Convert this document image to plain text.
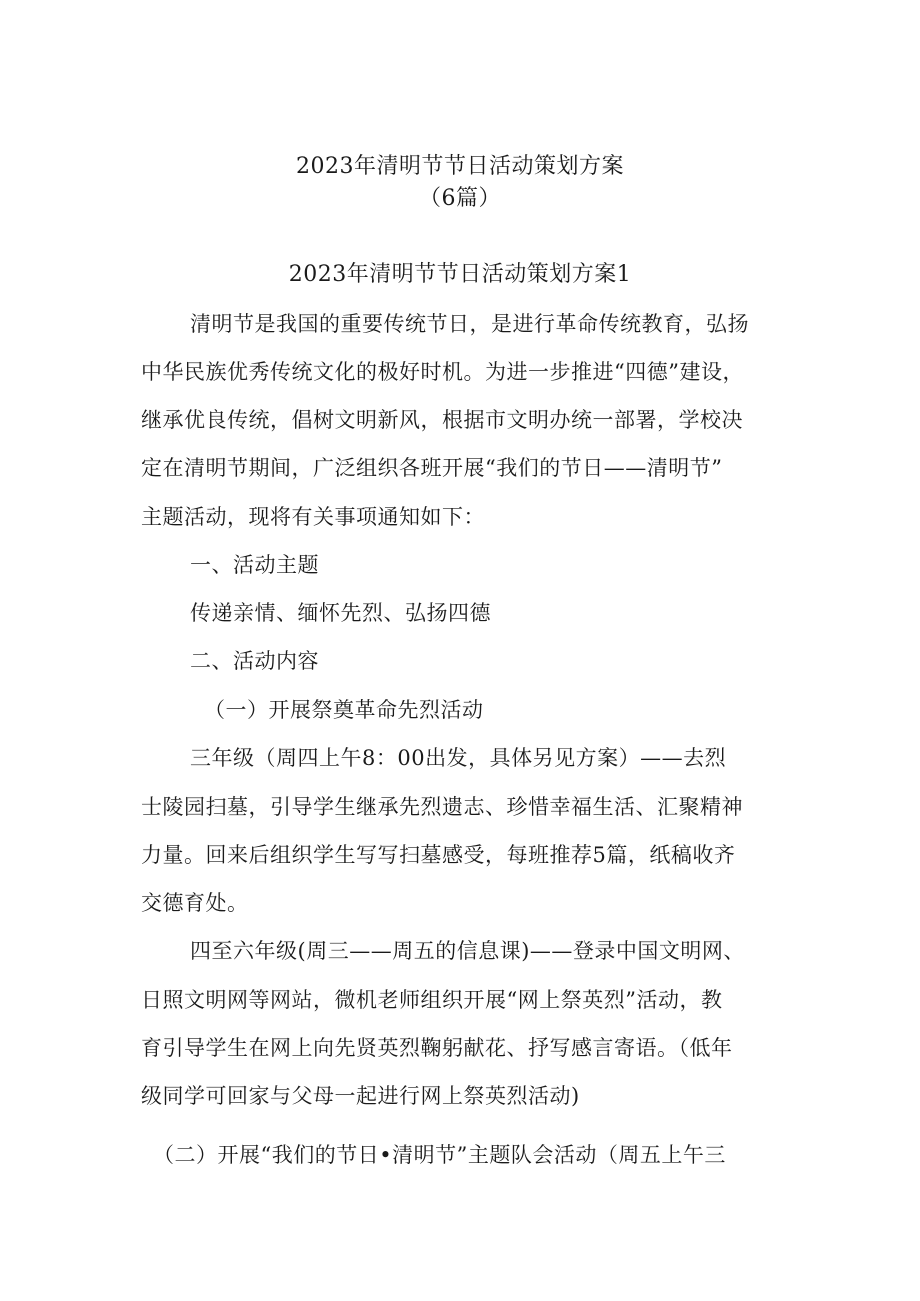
2023年清明节节日活动策划方案
（6篇）
2023年清明节节日活动策划方案1
清明节是我国的重要传统节日，是进行革命传统教育，弘扬
中华民族优秀传统文化的极好时机。为进一步推进“四德”建设，
继承优良传统，倡树文明新风，根据市文明办统一部署，学校决
定在清明节期间，广泛组织各班开展“我们的节日——清明节”
主题活动，现将有关事项通知如下：
一、活动主题
传递亲情、缅怀先烈、弘扬四德
二、活动内容
（一）开展祭奠革命先烈活动
三年级（周四上午8：00出发，具体另见方案）——去烈
士陵园扫墓，引导学生继承先烈遗志、珍惜幸福生活、汇聚精神
力量。回来后组织学生写写扫墓感受，每班推荐5篇，纸稿收齐
交德育处。
四至六年级(周三——周五的信息课)——登录中国文明网、
日照文明网等网站，微机老师组织开展“网上祭英烈”活动，教
育引导学生在网上向先贤英烈鞠躬献花、抒写感言寄语。（低年
级同学可回家与父母一起进行网上祭英烈活动)
（二）开展“我们的节日•清明节”主题队会活动（周五上午三
